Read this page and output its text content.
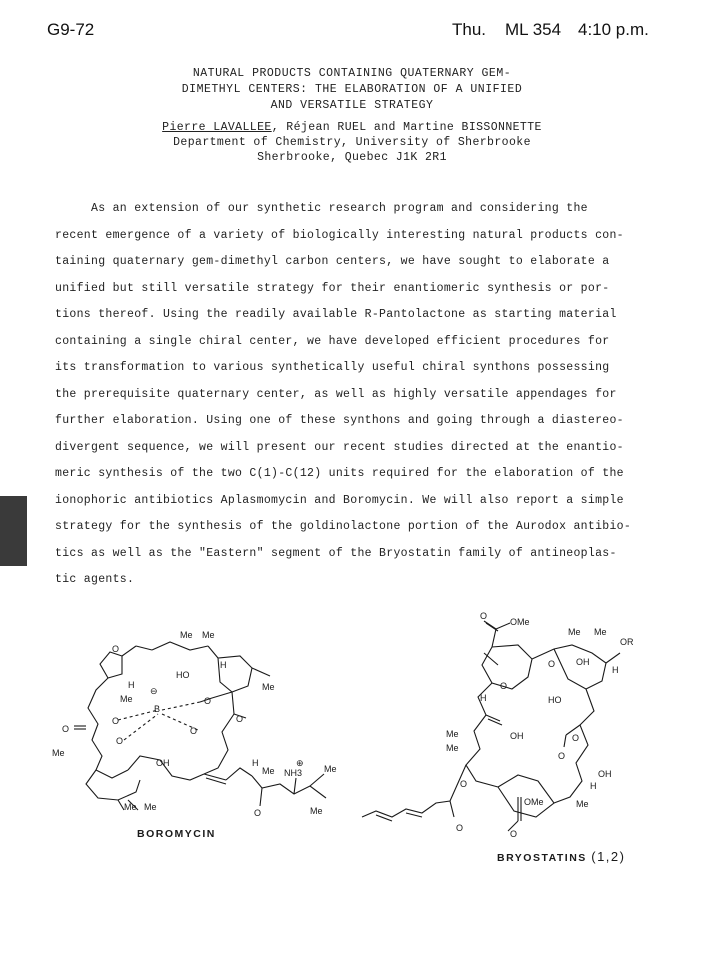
G9-72	Thu. ML 354 4:10 p.m.
NATURAL PRODUCTS CONTAINING QUATERNARY GEM-
DIMETHYL CENTERS: THE ELABORATION OF A UNIFIED
AND VERSATILE STRATEGY
Pierre LAVALLEE, Réjean RUEL and Martine BISSONNETTE
Department of Chemistry, University of Sherbrooke
Sherbrooke, Quebec J1K 2R1
As an extension of our synthetic research program and considering the
recent emergence of a variety of biologically interesting natural products con-
taining quaternary gem-dimethyl carbon centers, we have sought to elaborate a
unified but still versatile strategy for their enantiomeric synthesis or por-
tions thereof. Using the readily available R-Pantolactone as starting material
containing a single chiral center, we have developed efficient procedures for
its transformation to various synthetically useful chiral synthons possessing
the prerequisite quaternary center, as well as highly versatile appendages for
further elaboration. Using one of these synthons and going through a diastereo-
divergent sequence, we will present our recent studies directed at the enantio-
meric synthesis of the two C(1)-C(12) units required for the elaboration of the
ionophoric antibiotics Aplasmomycin and Boromycin. We will also report a simple
strategy for the synthesis of the goldinolactone portion of the Aurodox antibio-
tics as well as the "Eastern" segment of the Bryostatin family of antineoplas-
tic agents.
Me Me
HO
Me
O
Me
B
⊖
O
O
O
O
O
Me
OH
Me Me
Me NH3
⊕
Me
Me
O
O
H
H
H
BOROMYCIN
OMe
O
Me Me
OR
OH
O
O
HO
O
O
Me
Me
OH
OH
Me
OMe
O
O
O
H
H
H
BRYOSTATINS (1,2)
